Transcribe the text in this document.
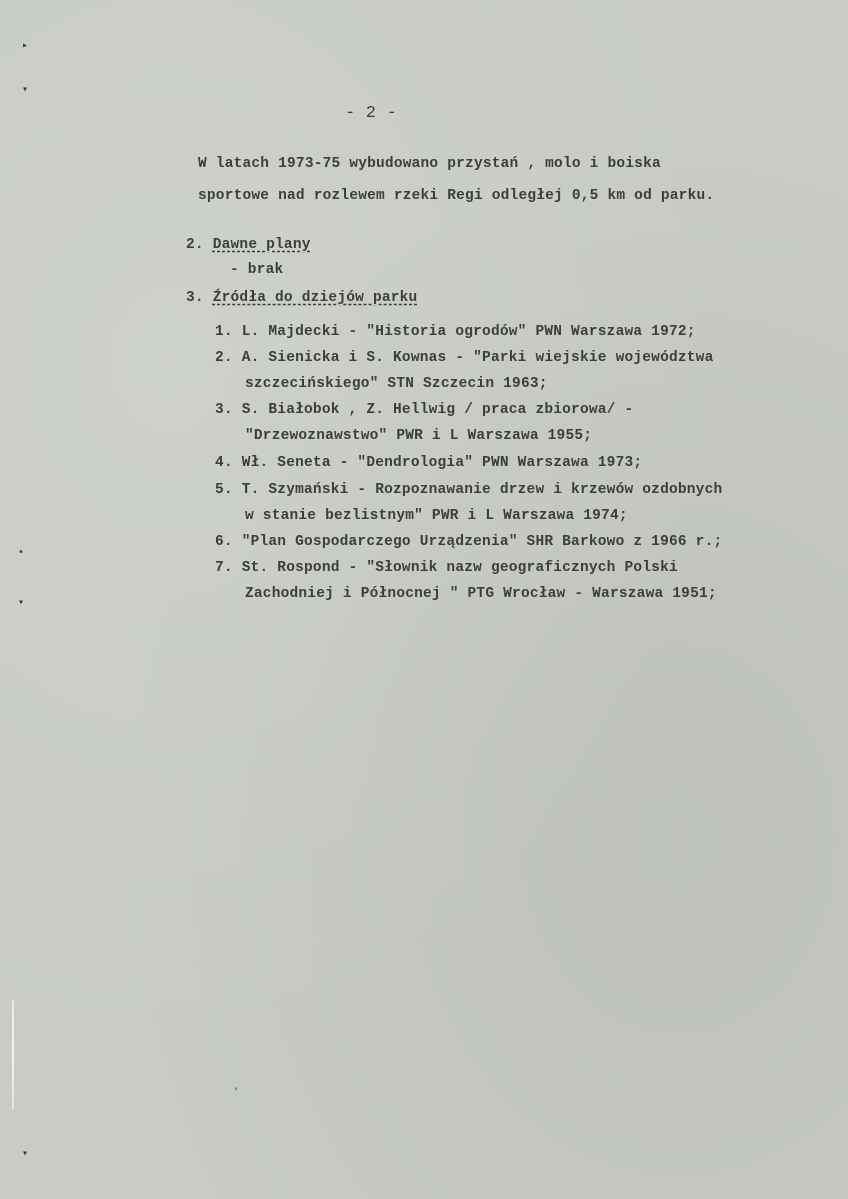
▸
▾
•
▾
▾
- 2 -
W latach 1973-75 wybudowano przystań , molo i boiska
sportowe nad rozlewem rzeki Regi odległej 0,5 km od parku.
2. Dawne plany
- brak
3. Źródła do dziejów parku
1. L. Majdecki - "Historia ogrodów" PWN Warszawa 1972;
2. A. Sienicka i S. Kownas - "Parki wiejskie województwa
szczecińskiego" STN Szczecin 1963;
3. S. Białobok , Z. Hellwig / praca zbiorowa/ -
"Drzewoznawstwo" PWR i L Warszawa 1955;
4. Wł. Seneta - "Dendrologia" PWN Warszawa 1973;
5. T. Szymański - Rozpoznawanie drzew i krzewów ozdobnych
w stanie bezlistnym" PWR i L Warszawa 1974;
6. "Plan Gospodarczego Urządzenia" SHR Barkowo z 1966 r.;
7. St. Rospond - "Słownik nazw geograficznych Polski
Zachodniej i Północnej " PTG Wrocław - Warszawa 1951;
,
